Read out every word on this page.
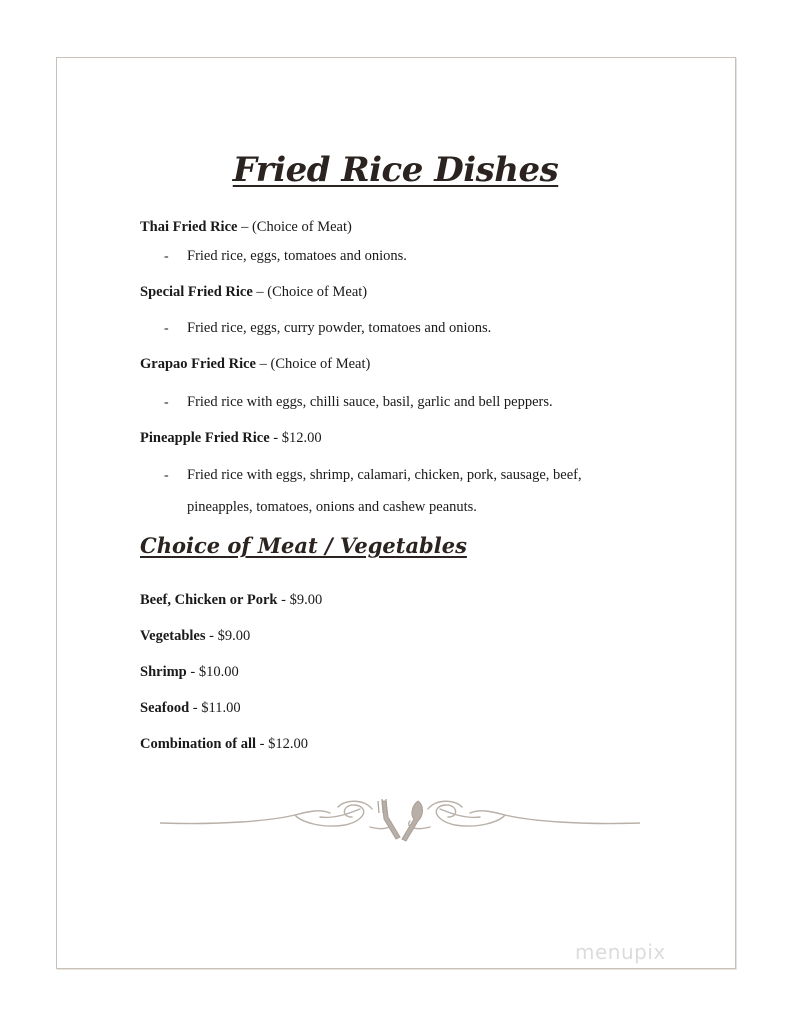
Fried Rice Dishes
Thai Fried Rice – (Choice of Meat)
- Fried rice, eggs, tomatoes and onions.
Special Fried Rice – (Choice of Meat)
- Fried rice, eggs, curry powder, tomatoes and onions.
Grapao Fried Rice – (Choice of Meat)
- Fried rice with eggs, chilli sauce, basil, garlic and bell peppers.
Pineapple Fried Rice - $12.00
- Fried rice with eggs, shrimp, calamari, chicken, pork, sausage, beef,
pineapples, tomatoes, onions and cashew peanuts.
Choice of Meat / Vegetables
Beef, Chicken or Pork - $9.00
Vegetables - $9.00
Shrimp - $10.00
Seafood - $11.00
Combination of all - $12.00
menupix
